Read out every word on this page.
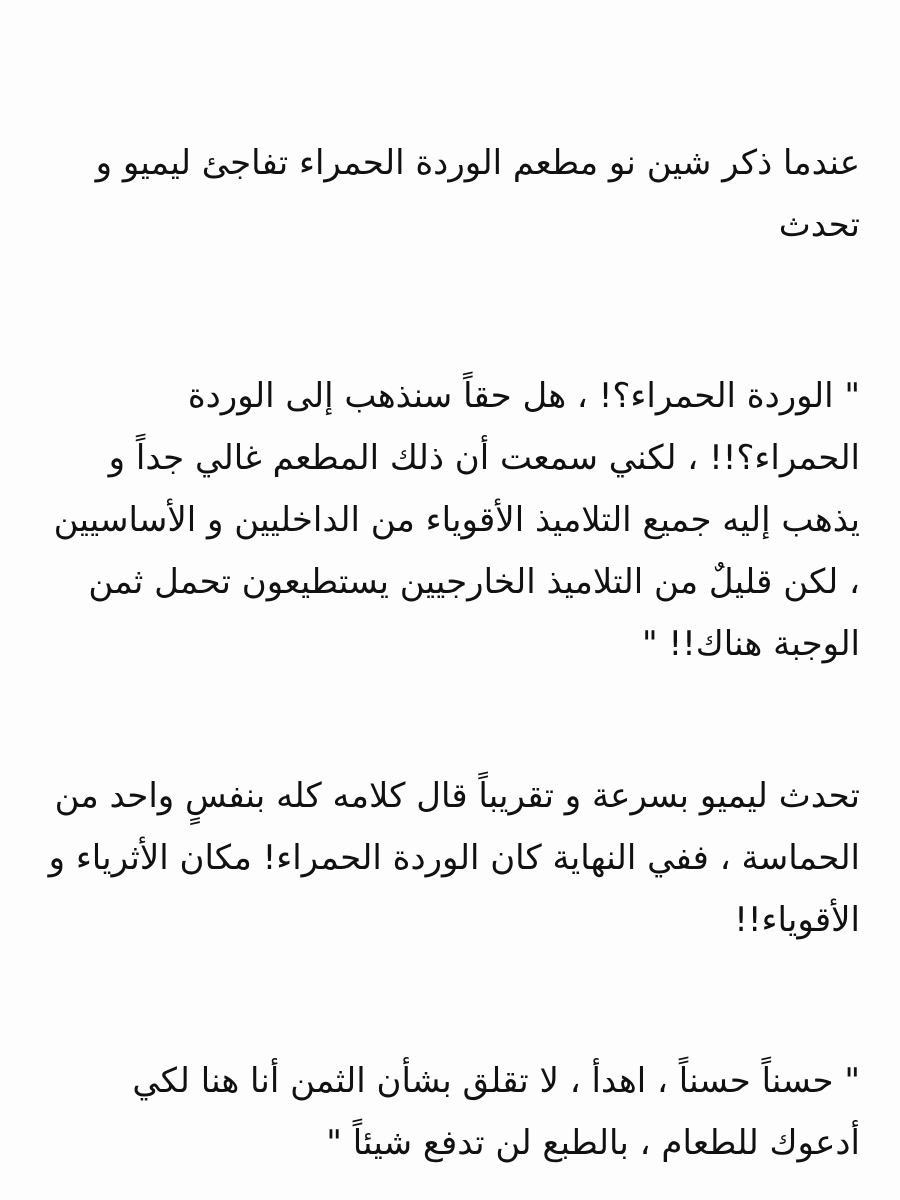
عندما ذكر شين نو مطعم الوردة الحمراء تفاجئ ليميو و تحدث

" الوردة الحمراء؟! ، هل حقاً سنذهب إلى الوردة الحمراء؟!! ، لكني سمعت أن ذلك المطعم غالي جداً و يذهب إليه جميع التلاميذ الأقوياء من الداخليين و الأساسيين ، لكن قليلٌ من التلاميذ الخارجيين يستطيعون تحمل ثمن الوجبة هناك!! "

تحدث ليميو بسرعة و تقريباً قال كلامه كله بنفسٍ واحد من الحماسة ، ففي النهاية كان الوردة الحمراء! مكان الأثرياء و الأقوياء!!

" حسناً حسناً ، اهدأ ، لا تقلق بشأن الثمن أنا هنا لكي أدعوك للطعام ، بالطبع لن تدفع شيئاً "
